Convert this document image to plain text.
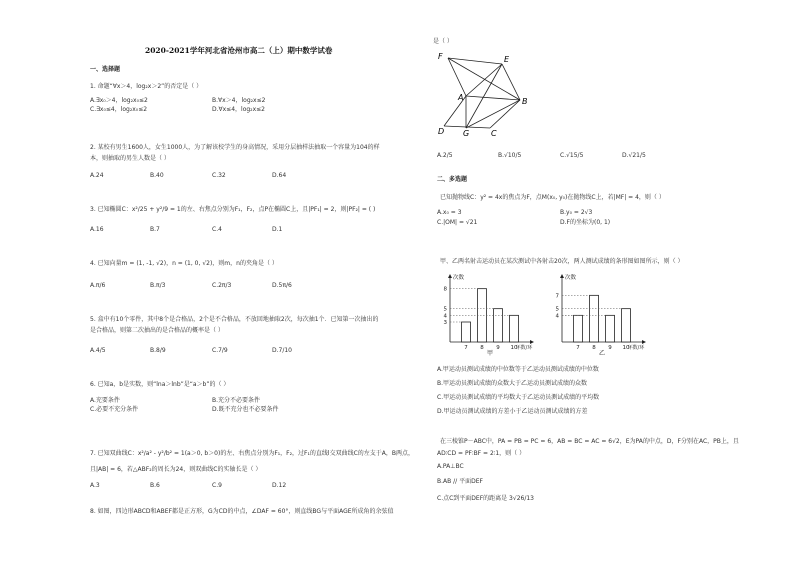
2020-2021学年河北省沧州市高二（上）期中数学试卷
一、选择题
1. 命题“∀x＞4，log₂x＞2”的否定是（ ）
A.∃x₀＞4，log₂x₀≤2	B.∀x＞4，log₂x≤2
C.∃x₀≤4，log₂x₀≤2	D.∀x≤4，log₂x≤2
2. 某校有男生1600人，女生1000人，为了解该校学生的身高情况，采用分层抽样法抽取一个容量为104的样
本，则抽取的男生人数是（ ）
A.24	B.40	C.32	D.64
3. 已知椭圆C：x²/25 + y²/9 = 1的左、右焦点分别为F₁，F₂，点P在椭圆C上，且|PF₁| = 2，则|PF₂| = ( )
A.16	B.7	C.4	D.1
4. 已知向量m = (1, -1, √2)，n = (1, 0, √2)，则m，n的夹角是（ ）
A.π/6	B.π/3	C.2π/3	D.5π/6
5. 盒中有10个零件，其中8个是合格品，2个是不合格品，不放回地抽取2次，每次抽1个．已知第一次抽出的
是合格品，则第二次抽出的是合格品的概率是（ ）
A.4/5	B.8/9	C.7/9	D.7/10
6. 已知a，b是实数，则“lna＞lnb”是“a＞b”的（ ）
A.充要条件	B.充分不必要条件
C.必要不充分条件	D.既不充分也不必要条件
7. 已知双曲线C：x²/a² - y²/b² = 1(a＞0, b＞0)的左、右焦点分别为F₁，F₂，过F₁的直线l交双曲线C的左支于A，B两点，
且|AB| = 6，若△ABF₂的周长为24，则双曲线C的实轴长是（ ）
A.3	B.6	C.9	D.12
8. 如图，四边形ABCD和ABEF都是正方形，G为CD的中点，∠DAF = 60°，则直线BG与平面AGE所成角的余弦值
是（ ）
F	E
A	B
D G	C
A.2/5	B.√10/5	C.√15/5	D.√21/5
二、多选题
已知抛物线C：y² = 4x的焦点为F，点M(x₀, y₀)在抛物线C上，若|MF| = 4，则（ ）
A.x₀ = 3	B.y₀ = 2√3
C.|OM| = √21	D.F的坐标为(0, 1)
甲、乙两名射击运动员在某次测试中各射击20次，两人测试成绩的条形图如图所示，则（ ）
次数
3
4
5
8
7 8 9 10
环数/环
甲
次数
4
5
7
7 8 9 10
环数/环
乙
A.甲运动员测试成绩的中位数等于乙运动员测试成绩的中位数
B.甲运动员测试成绩的众数大于乙运动员测试成绩的众数
C.甲运动员测试成绩的平均数大于乙运动员测试成绩的平均数
D.甲运动员测试成绩的方差小于乙运动员测试成绩的方差
在三棱锥P－ABC中，PA = PB = PC = 6，AB = BC = AC = 6√2，E为PA的中点，D，F分别在AC，PB上，且
AD∶CD = PF∶BF = 2∶1，则（ ）
A.PA⊥BC
B.AB // 平面DEF
C.点C到平面DEF的距离是 3√26/13
